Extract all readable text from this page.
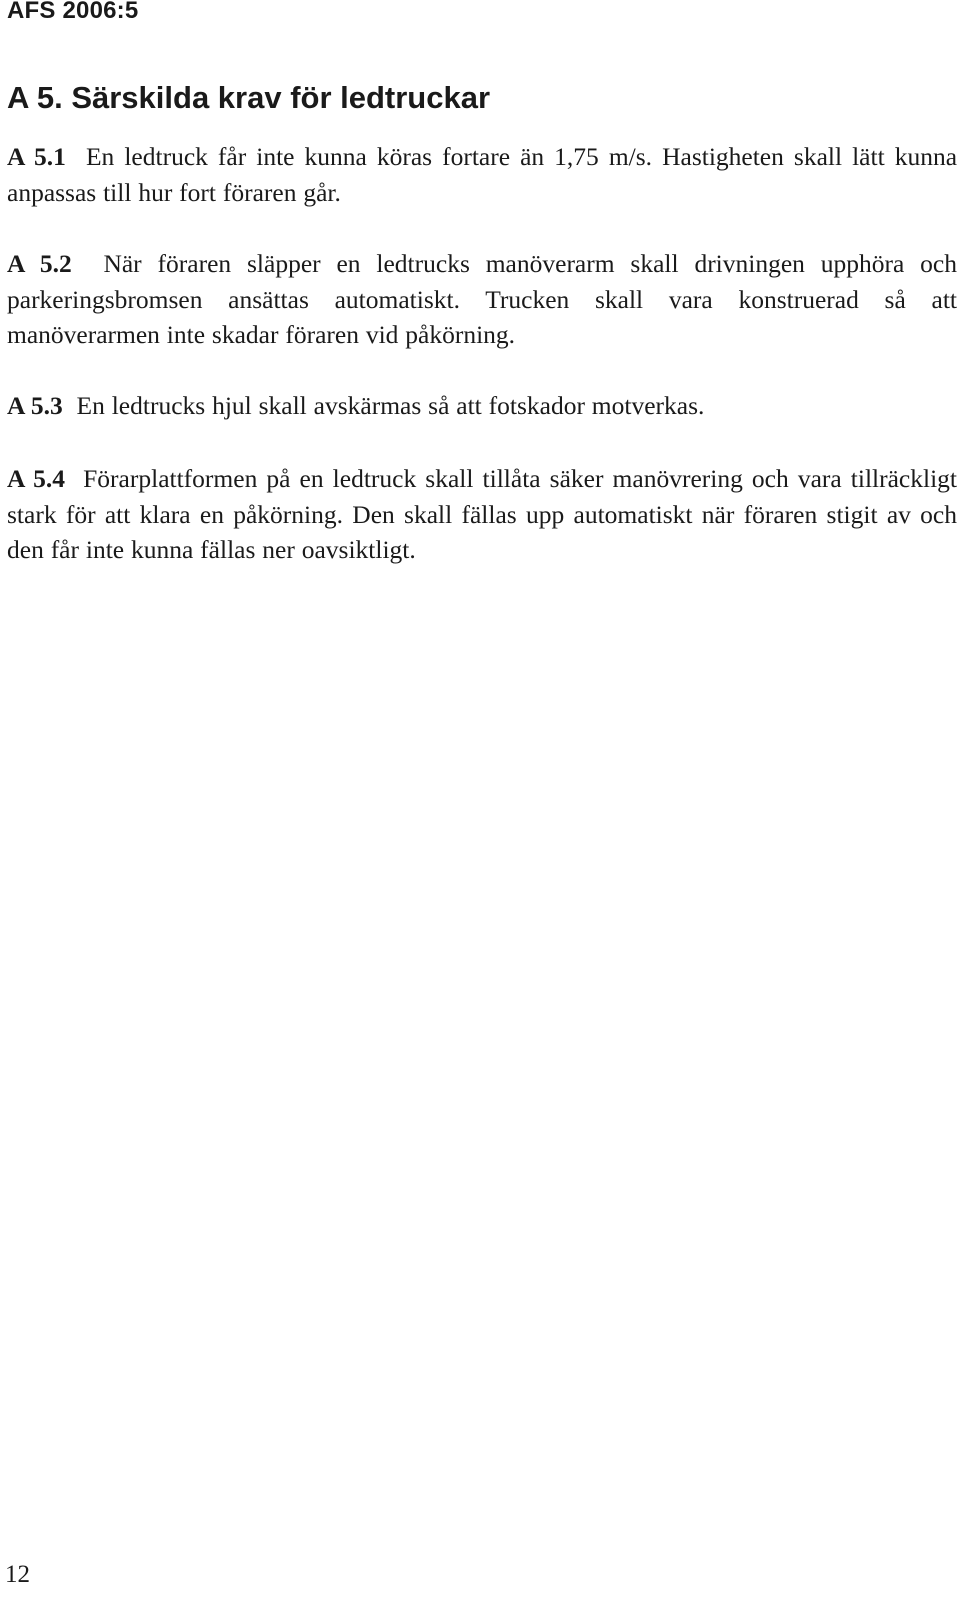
AFS 2006:5
A 5. Särskilda krav för ledtruckar

A 5.1 En ledtruck får inte kunna köras fortare än 1,75 m/s. Hastigheten skall lätt kunna anpassas till hur fort föraren går.

A 5.2 När föraren släpper en ledtrucks manöverarm skall drivningen upphöra och parkeringsbromsen ansättas automatiskt. Trucken skall vara konstruerad så att manöverarmen inte skadar föraren vid påkörning.

A 5.3 En ledtrucks hjul skall avskärmas så att fotskador motverkas.

A 5.4 Förarplattformen på en ledtruck skall tillåta säker manövrering och vara tillräckligt stark för att klara en påkörning. Den skall fällas upp automatiskt när föraren stigit av och den får inte kunna fällas ner oavsiktligt.

12
